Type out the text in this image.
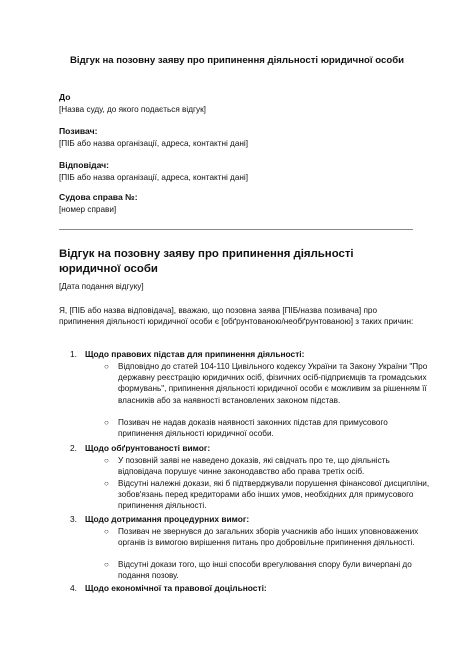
Відгук на позовну заяву про припинення діяльності юридичної особи
До
[Назва суду, до якого подається відгук]
Позивач:
[ПІБ або назва організації, адреса, контактні дані]
Відповідач:
[ПІБ або назва організації, адреса, контактні дані]
Судова справа №:
[номер справи]
Відгук на позовну заяву про припинення діяльності юридичної особи
[Дата подання відгуку]
Я, [ПІБ або назва відповідача], вважаю, що позовна заява [ПІБ/назва позивача] про припинення діяльності юридичної особи є [обґрунтованою/необґрунтованою] з таких причин:
1. Щодо правових підстав для припинення діяльності:
○ Відповідно до статей 104-110 Цивільного кодексу України та Закону України "Про державну реєстрацію юридичних осіб, фізичних осіб-підприємців та громадських формувань", припинення діяльності юридичної особи є можливим за рішенням її власників або за наявності встановлених законом підстав.
○ Позивач не надав доказів наявності законних підстав для примусового припинення діяльності юридичної особи.
2. Щодо обґрунтованості вимог:
○ У позовній заяві не наведено доказів, які свідчать про те, що діяльність відповідача порушує чинне законодавство або права третіх осіб.
○ Відсутні належні докази, які б підтверджували порушення фінансової дисципліни, зобов'язань перед кредиторами або інших умов, необхідних для примусового припинення діяльності.
3. Щодо дотримання процедурних вимог:
○ Позивач не звернувся до загальних зборів учасників або інших уповноважених органів із вимогою вирішення питань про добровільне припинення діяльності.
○ Відсутні докази того, що інші способи врегулювання спору були вичерпані до подання позову.
4. Щодо економічної та правової доцільності:
